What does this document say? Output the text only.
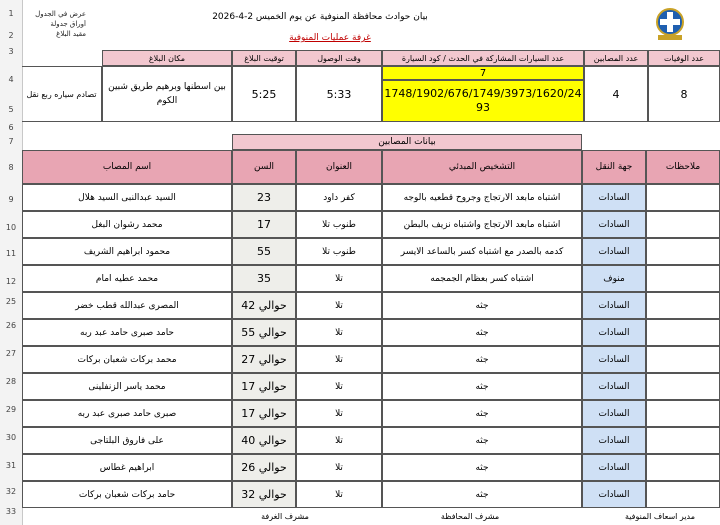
1
2
3
4
5
6
7
8
9
10
11
12
25
26
27
28
29
30
31
32
33
بيان حوادث محافظة المنوفية عن يوم الخميس 2-4-2026
غرفة عمليات المنوفية
عرض في الجدول
أوراق جدولة
مقيد البلاغ
عدد الوفيات
عدد المصابين
عدد السيارات المشاركة في الحدث / كود السيارة
وقت الوصول
توقيت البلاغ
مكان البلاغ
8
4
7
1748/1902/676/1749/3973/1620/2493
5:33
5:25
بين اسطنها وبرهيم طريق شبين الكوم
تصادم سياره ربع نقل
بيانات المصابين
ملاحظات
جهة النقل
التشخيص المبدئي
العنوان
السن
اسم المصاب
السادات
اشتباه مابعد الارتجاج وجروح قطعيه بالوجه
كفر داود
23
السيد عبدالنبى السيد هلال
السادات
اشتباه مابعد الارتجاج واشتباه نزيف بالبطن
طنوب تلا
17
محمد رشوان البغل
السادات
كدمه بالصدر مع اشتباه كسر بالساعد الايسر
طنوب تلا
55
محمود ابراهيم الشريف
منوف
اشتباه كسر بعظام الجمجمه
تلا
35
محمد عطيه امام
السادات
جثه
تلا
حوالي 42
المصرى عبدالله قطب خضر
السادات
جثه
تلا
حوالي 55
حامد صبرى حامد عبد ربه
السادات
جثه
تلا
حوالي 27
محمد بركات شعبان بركات
السادات
جثه
تلا
حوالي 17
محمد ياسر الزنفلينى
السادات
جثه
تلا
حوالي 17
صبرى حامد صبرى عبد ربه
السادات
جثه
تلا
حوالي 40
على فاروق البلتاجى
السادات
جثه
تلا
حوالي 26
ابراهيم غطاس
السادات
جثه
تلا
حوالي 32
حامد بركات شعبان بركات
مدير اسعاف المنوفية
مشرف المحافظة
مشرف الغرفة
